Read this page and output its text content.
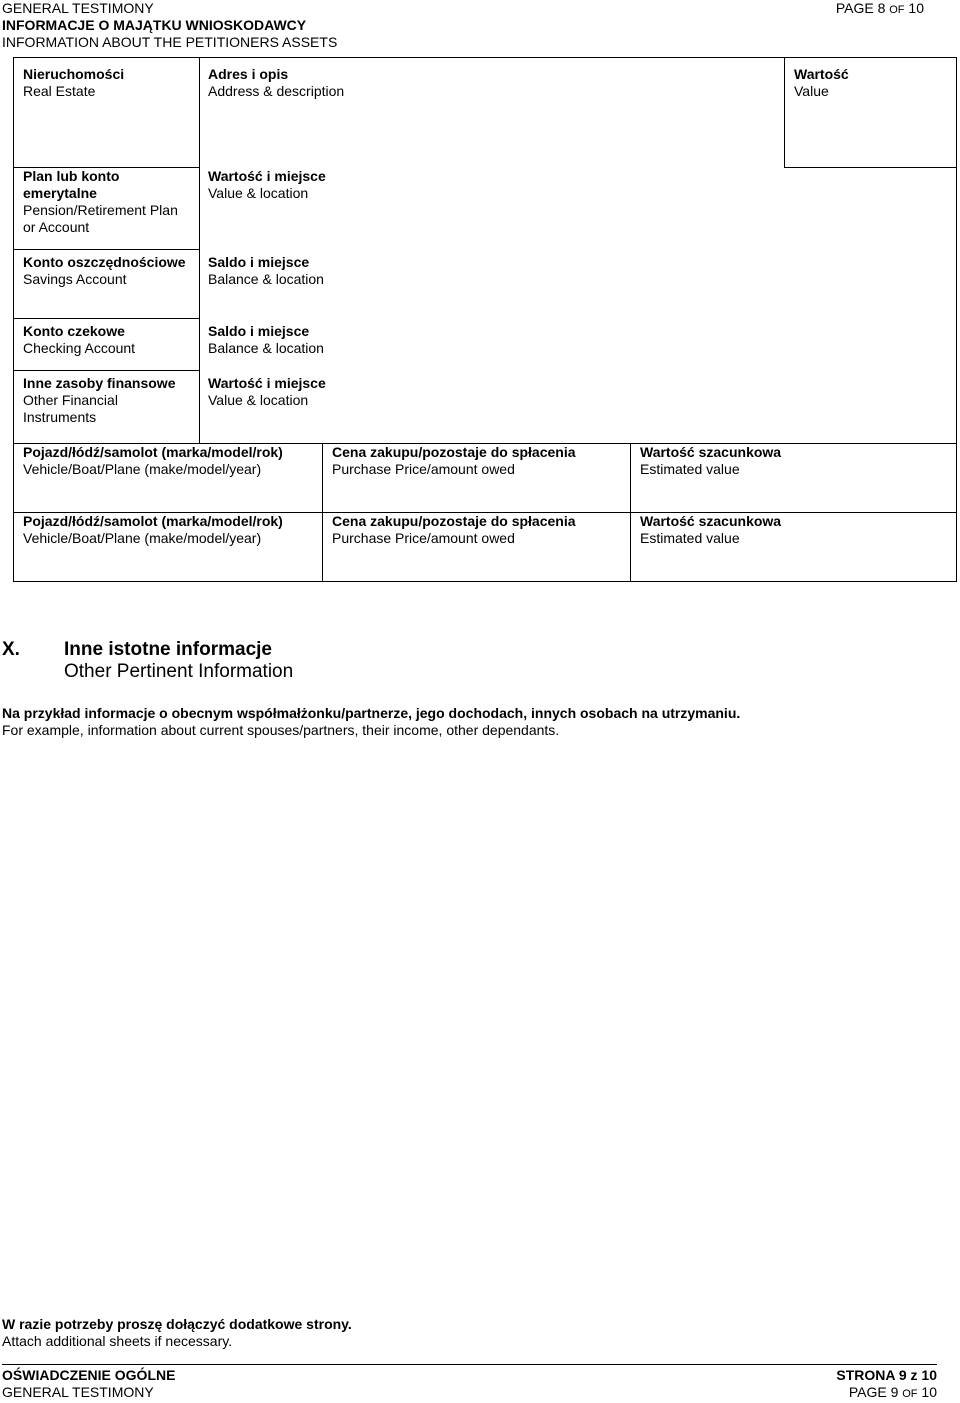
GENERAL TESTIMONY
INFORMACJE O MAJĄTKU WNIOSKODAWCY
INFORMATION ABOUT THE PETITIONERS ASSETS
PAGE 8 OF 10
Nieruchomości
Real Estate
Adres i opis
Address & description
Wartość
Value
Plan lub konto emerytalne
Pension/Retirement Plan or Account
Wartość i miejsce
Value & location
Konto oszczędnościowe
Savings Account
Saldo i miejsce
Balance & location
Konto czekowe
Checking Account
Saldo i miejsce
Balance & location
Inne zasoby finansowe
Other Financial Instruments
Wartość i miejsce
Value & location
Pojazd/łódź/samolot (marka/model/rok)
Vehicle/Boat/Plane (make/model/year)
Cena zakupu/pozostaje do spłacenia
Purchase Price/amount owed
Wartość szacunkowa
Estimated value
Pojazd/łódź/samolot (marka/model/rok)
Vehicle/Boat/Plane (make/model/year)
Cena zakupu/pozostaje do spłacenia
Purchase Price/amount owed
Wartość szacunkowa
Estimated value
X. Inne istotne informacje
Other Pertinent Information
Na przykład informacje o obecnym współmałżonku/partnerze, jego dochodach, innych osobach na utrzymaniu.
For example, information about current spouses/partners, their income, other dependants.
W razie potrzeby proszę dołączyć dodatkowe strony.
Attach additional sheets if necessary.
OŚWIADCZENIE OGÓLNE
GENERAL TESTIMONY
STRONA 9 z 10
PAGE 9 OF 10
